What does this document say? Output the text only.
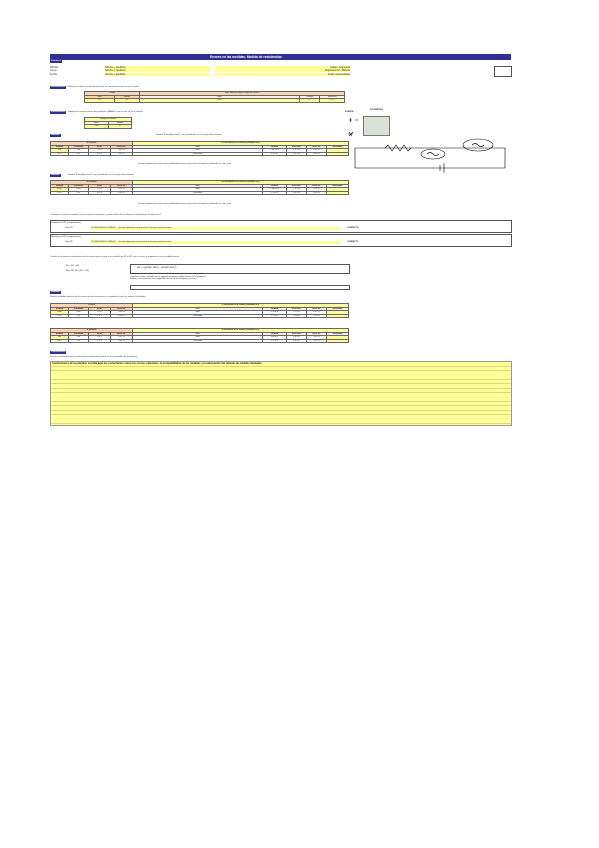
Errores en las medidas. Medida de resistencias
Práctica 1
Nombre	Nombre y apellidos	Grado / Asignatura
Grupo	Nombre y apellidos	Departamento / Materia
Fecha	Nombre y apellidos	Grado / Especialidad
Instrucciones	Rellene los datos de identificación de las resistencias que se van a medir
Código		Valor nominal según código de colores		
Color	Banda	Valor	Unidad	Tolerancia
R1	R2	1000	Ω	± 5 %
Instrucciones	Indique las características del polímetro (RANGO) con el que se va a trabajar
Rango de medida	
Valor	Unidad
2 000	Ω
FUENTE
POLÍMETRO
Medidas	Realice 5 medidas de R1 con el polímetro en el rango seleccionado
R1 directa				R1 calculado en la escala (OHMÍMETRO)				
Medida	Promedio	Error	Error rel.	Valor	Medida	Error abs.	Error rel.	Resultado
998	998	± 0.5	0.05 %	Valor	1 000.0 Ω	± 0.5 Ω	0.05 %	
R1 ±	0.5	0.2 %	0.05 %	Calculado	± 0.5 Ω	± 0.5 Ω	0.05 %	
Si una medida tiene más cifras significativas que la precisión del aparato, redondee el valor final
Medidas	Realice 5 medidas de R2 con el polímetro en el rango seleccionado
R2 directa				R2 calculado en la escala (OHMÍMETRO)				
Medida	Promedio	Error	Error rel.	Valor	Medida	Error abs.	Error rel.	Resultado
1002	1002	± 0.5	0.05 %	Valor	1 000.0 Ω	± 0.5 Ω	0.05 %	
R2 ±	0.5	0.2 %	0.05 %	Calculado	± 0.5 Ω	± 0.5 Ω	0.05 %	
Si una medida tiene más cifras significativas que la precisión del aparato, redondee el valor final
Compare los valores medidos con los valores nominales: ¿están dentro de la tolerancia indicada por el fabricante?
Resistencia R1 (comparación)
Valor R1	R1 MEDIDA EN EL RANGO … El valor obtenido está dentro de la tolerancia del fabricante	CORRECTO
Resistencia R2 (comparación)
Valor R2	R2 MEDIDA EN EL RANGO … El valor obtenido está dentro de la tolerancia del fabricante	CORRECTO
Calcule la resistencia equivalente de la asociación en serie y en paralelo de R1 y R2, con su error, y compárela con la medida directa
Rs = R1 + R2
Rp = R1·R2 / (R1 + R2)
ΔR = √((∂R/∂R1·ΔR1)² + (∂R/∂R2·ΔR2)²)
La propagación de errores se calcula mediante derivadas parciales de la expresión
Compare el valor calculado con el obtenido mediante medida directa con el polímetro
Indique si los resultados son compatibles dentro de los márgenes de error
Medidas
Realice medidas directas de la asociación de resistencias y compárelas con los valores calculados
R serie				R calculada en la escala (OHMÍMETRO)				
Medida	Promedio	Error	Error rel.	Valor	Medida	Error abs.	Error rel.	Resultado
2000	2000	± 1.0	0.05 %	Valor	2 000 Ω	± 1.0 Ω	0.05 %	
Rs ±	1.0	0.1 %	0.05 %	Calculado	± 1.0 Ω	± 1.0 Ω	0.05 %	
R paralelo				R calculada en la escala (OHMÍMETRO)				
Medida	Promedio	Error	Error rel.	Valor	Medida	Error abs.	Error rel.	Resultado
500	500	± 0.3	0.05 %	Valor	500.0 Ω	± 0.3 Ω	0.05 %	
Rp ±	0.3	0.1 %	0.05 %	Calculado	± 0.3 Ω	± 0.3 Ω	0.05 %	
Conclusiones
Escriba a continuación las conclusiones obtenidas a partir de los resultados de la práctica
Conclusiones de la práctica: escriba aquí los comentarios sobre los errores obtenidos, la compatibilidad de las medidas y la adecuación del método de medida empleado
